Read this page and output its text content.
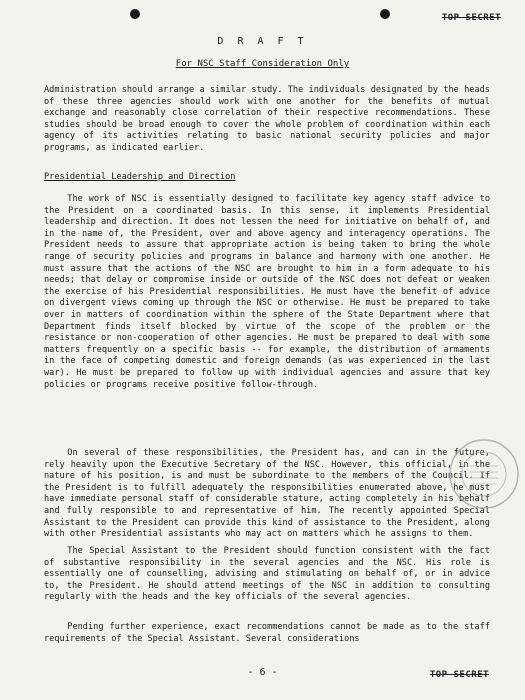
TOP SECRET
D R A F T
For NSC Staff Consideration Only

Administration should arrange a similar study. The individuals designated by the heads of these three agencies should work with one another for the benefits of mutual exchange and reasonably close correlation of their respective recommendations. These studies should be broad enough to cover the whole problem of coordination within each agency of its activities relating to basic national security policies and major programs, as indicated earlier.

Presidential Leadership and Direction

The work of NSC is essentially designed to facilitate key agency staff advice to the President on a coordinated basis. In this sense, it implements Presidential leadership and direction. It does not lessen the need for initiative on behalf of, and in the name of, the President, over and above agency and interagency operations. The President needs to assure that appropriate action is being taken to bring the whole range of security policies and programs in balance and harmony with one another. He must assure that the actions of the NSC are brought to him in a form adequate to his needs; that delay or compromise inside or outside of the NSC does not defeat or weaken the exercise of his Presidential responsibilities. He must have the benefit of advice on divergent views coming up through the NSC or otherwise. He must be prepared to take over in matters of coordination within the sphere of the State Department where that Department finds itself blocked by virtue of the scope of the problem or the resistance or non-cooperation of other agencies. He must be prepared to deal with some matters frequently on a specific basis -- for example, the distribution of armaments in the face of competing domestic and foreign demands (as was experienced in the last war). He must be prepared to follow up with individual agencies and assure that key policies or programs receive positive follow-through.

On several of these responsibilities, the President has, and can in the future, rely heavily upon the Executive Secretary of the NSC. However, this official, in the nature of his position, is and must be subordinate to the members of the Council. If the President is to fulfill adequately the responsibilities enumerated above, he must have immediate personal staff of considerable stature, acting completely in his behalf and fully responsible to and representative of him. The recently appointed Special Assistant to the President can provide this kind of assistance to the President, along with other Presidential assistants who may act on matters which he assigns to them.

The Special Assistant to the President should function consistent with the fact of substantive responsibility in the several agencies and the NSC. His role is essentially one of counselling, advising and stimulating on behalf of, or in advice to, the President. He should attend meetings of the NSC in addition to consulting regularly with the heads and the key officials of the several agencies.

Pending further experience, exact recommendations cannot be made as to the staff requirements of the Special Assistant. Several considerations

- 6 -	TOP SECRET
